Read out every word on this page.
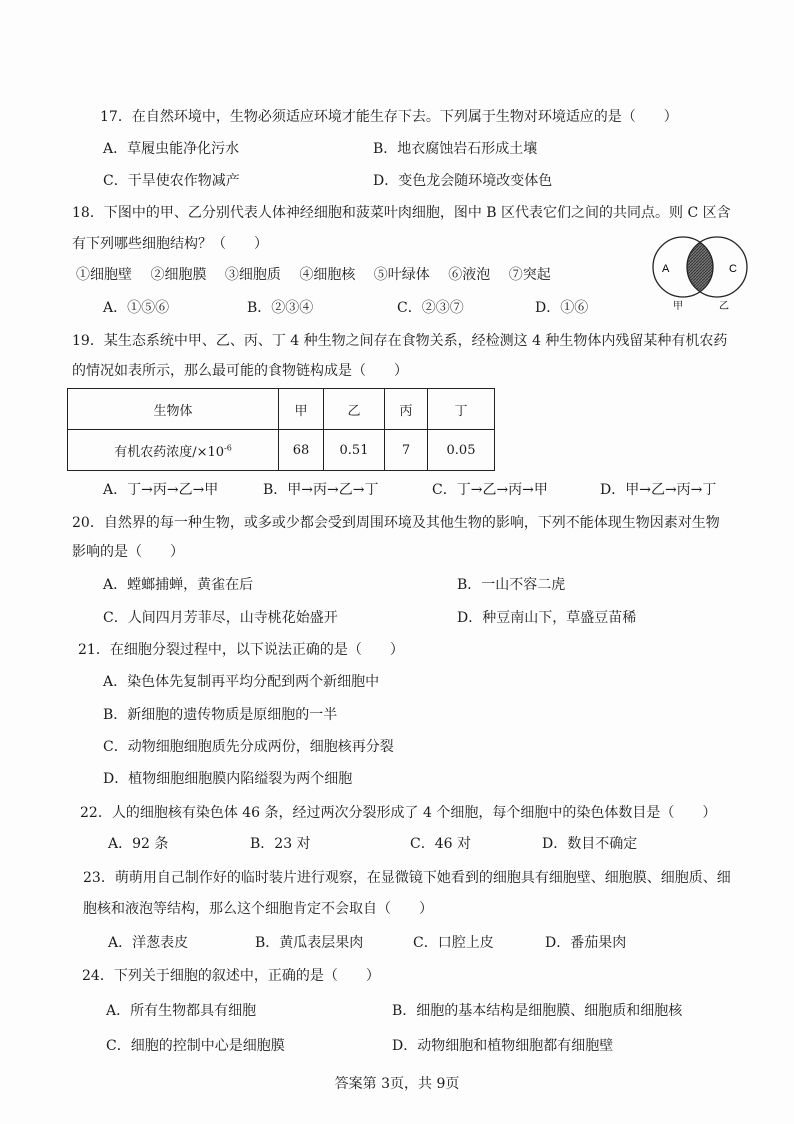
17．在自然环境中，生物必须适应环境才能生存下去。下列属于生物对环境适应的是（　　）
A．草履虫能净化污水	B．地衣腐蚀岩石形成土壤
C．干旱使农作物减产	D．变色龙会随环境改变体色
18．下图中的甲、乙分别代表人体神经细胞和菠菜叶肉细胞，图中 B 区代表它们之间的共同点。则 C 区含
有下列哪些细胞结构？（　　）
①细胞壁　 ②细胞膜　 ③细胞质　 ④细胞核　 ⑤叶绿体　 ⑥液泡　 ⑦突起
A．①⑤⑥	B．②③④	C．②③⑦	D．①⑥
A	C
甲	乙
19．某生态系统中甲、乙、丙、丁 4 种生物之间存在食物关系，经检测这 4 种生物体内残留某种有机农药
的情况如表所示，那么最可能的食物链构成是（　　）
生物体	甲	乙	丙	丁
有机农药浓度$/\times 10^{-6}$	68	0.51	7	0.05
A．丁→丙→乙→甲	B．甲→丙→乙→丁	C．丁→乙→丙→甲	D．甲→乙→丙→丁
20．自然界的每一种生物，或多或少都会受到周围环境及其他生物的影响，下列不能体现生物因素对生物
影响的是（　　）
A．螳螂捕蝉，黄雀在后	B．一山不容二虎
C．人间四月芳菲尽，山寺桃花始盛开	D．种豆南山下，草盛豆苗稀
21．在细胞分裂过程中，以下说法正确的是（　　）
A．染色体先复制再平均分配到两个新细胞中
B．新细胞的遗传物质是原细胞的一半
C．动物细胞细胞质先分成两份，细胞核再分裂
D．植物细胞细胞膜内陷缢裂为两个细胞
22．人的细胞核有染色体 46 条，经过两次分裂形成了 4 个细胞，每个细胞中的染色体数目是（　　）
A．92 条	B．23 对	C．46 对	D．数目不确定
23．萌萌用自己制作好的临时装片进行观察，在显微镜下她看到的细胞具有细胞壁、细胞膜、细胞质、细
胞核和液泡等结构，那么这个细胞肯定不会取自（　　）
A．洋葱表皮	B．黄瓜表层果肉	C．口腔上皮	D．番茄果肉
24．下列关于细胞的叙述中，正确的是（　　）
A．所有生物都具有细胞	B．细胞的基本结构是细胞膜、细胞质和细胞核
C．细胞的控制中心是细胞膜	D．动物细胞和植物细胞都有细胞壁
答案第 3页，共 9页
